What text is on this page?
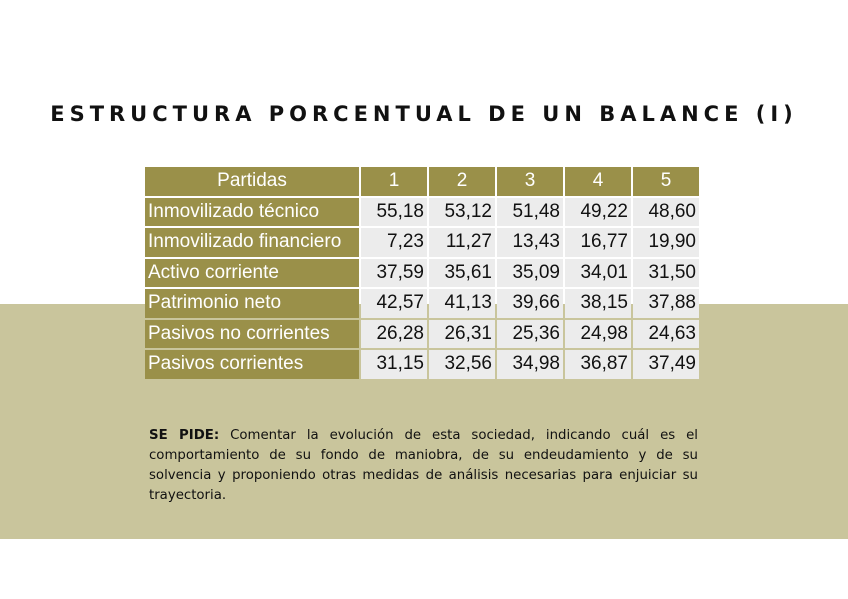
ESTRUCTURA PORCENTUAL DE UN BALANCE (I)
Partidas	1	2	3	4	5
Inmovilizado técnico	55,18	53,12	51,48	49,22	48,60
Inmovilizado financiero	7,23	11,27	13,43	16,77	19,90
Activo corriente	37,59	35,61	35,09	34,01	31,50
Patrimonio neto	42,57	41,13	39,66	38,15	37,88
Pasivos no corrientes	26,28	26,31	25,36	24,98	24,63
Pasivos corrientes	31,15	32,56	34,98	36,87	37,49
SE PIDE: Comentar la evolución de esta sociedad, indicando cuál es el comportamiento de su fondo de maniobra, de su endeudamiento y de su solvencia y proponiendo otras medidas de análisis necesarias para enjuiciar su trayectoria.
